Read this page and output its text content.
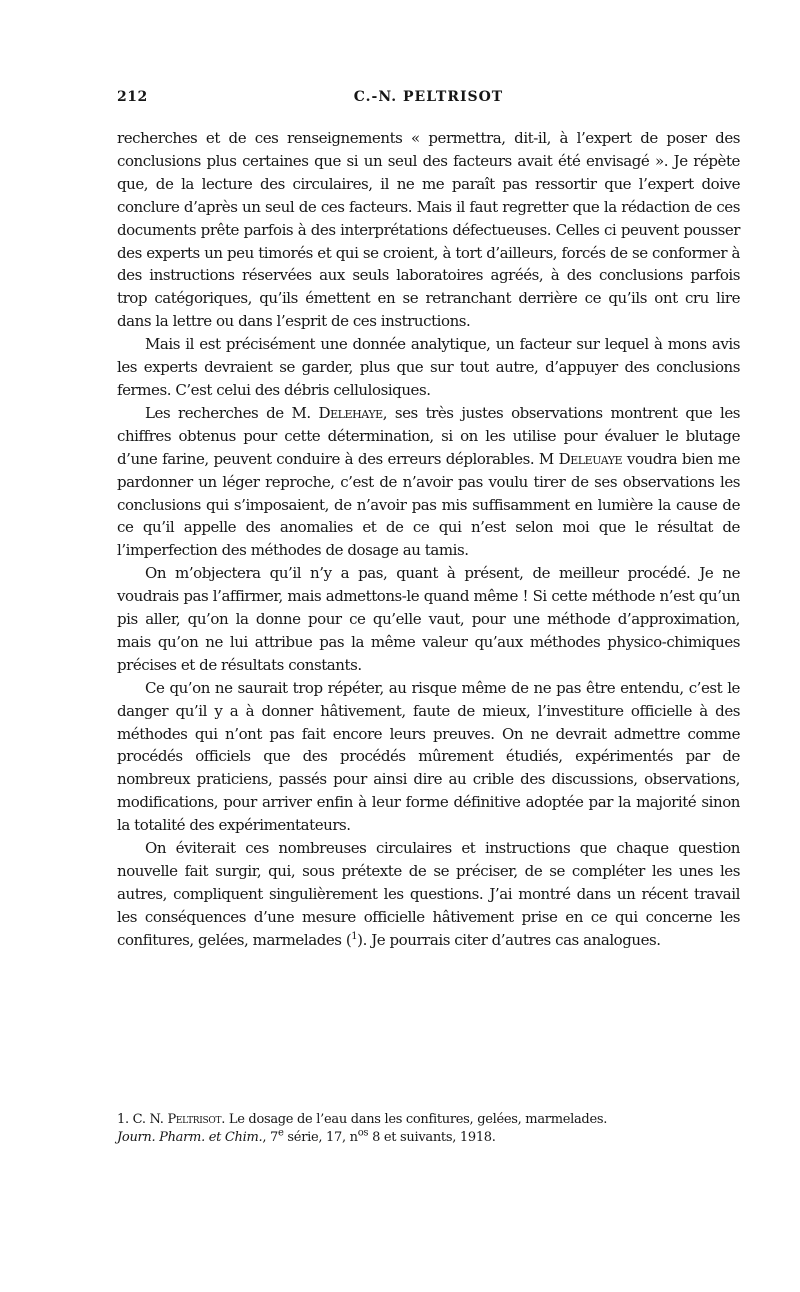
212	C.-N. PELTRISOT

recherches et de ces renseignements « permettra, dit-il, à l’expert de poser des conclusions plus certaines que si un seul des facteurs avait été envisagé ». Je répète que, de la lecture des circulaires, il ne me paraît pas ressortir que l’expert doive conclure d’après un seul de ces facteurs. Mais il faut regretter que la rédaction de ces documents prête parfois à des interprétations défectueuses. Celles ci peuvent pousser des experts un peu timorés et qui se croient, à tort d’ailleurs, forcés de se conformer à des instructions réservées aux seuls laboratoires agréés, à des conclusions parfois trop catégoriques, qu’ils émettent en se retranchant derrière ce qu’ils ont cru lire dans la lettre ou dans l’esprit de ces instructions.

Mais il est précisément une donnée analytique, un facteur sur lequel à mons avis les experts devraient se garder, plus que sur tout autre, d’appuyer des conclusions fermes. C’est celui des débris cellulosiques.

Les recherches de M. Delehaye, ses très justes observations montrent que les chiffres obtenus pour cette détermination, si on les utilise pour évaluer le blutage d’une farine, peuvent conduire à des erreurs déplorables. M Deleuaye voudra bien me pardonner un léger reproche, c’est de n’avoir pas voulu tirer de ses observations les conclusions qui s’imposaient, de n’avoir pas mis suffisamment en lumière la cause de ce qu’il appelle des anomalies et de ce qui n’est selon moi que le résultat de l’imperfection des méthodes de dosage au tamis.

On m’objectera qu’il n’y a pas, quant à présent, de meilleur procédé. Je ne voudrais pas l’affirmer, mais admettons-le quand même ! Si cette méthode n’est qu’un pis aller, qu’on la donne pour ce qu’elle vaut, pour une méthode d’approximation, mais qu’on ne lui attribue pas la même valeur qu’aux méthodes physico-chimiques précises et de résultats constants.

Ce qu’on ne saurait trop répéter, au risque même de ne pas être entendu, c’est le danger qu’il y a à donner hâtivement, faute de mieux, l’investiture officielle à des méthodes qui n’ont pas fait encore leurs preuves. On ne devrait admettre comme procédés officiels que des procédés mûrement étudiés, expérimentés par de nombreux praticiens, passés pour ainsi dire au crible des discussions, observations, modifications, pour arriver enfin à leur forme définitive adoptée par la majorité sinon la totalité des expérimentateurs.

On éviterait ces nombreuses circulaires et instructions que chaque question nouvelle fait surgir, qui, sous prétexte de se préciser, de se compléter les unes les autres, compliquent singulièrement les questions. J’ai montré dans un récent travail les conséquences d’une mesure officielle hâtivement prise en ce qui concerne les confitures, gelées, marmelades ($^1$). Je pourrais citer d’autres cas analogues.

1. C. N. Peltrisot. Le dosage de l’eau dans les confitures, gelées, marmelades.
Journ. Pharm. et Chim., 7e série, 17, $n^{os}$ 8 et suivants, 1918.
